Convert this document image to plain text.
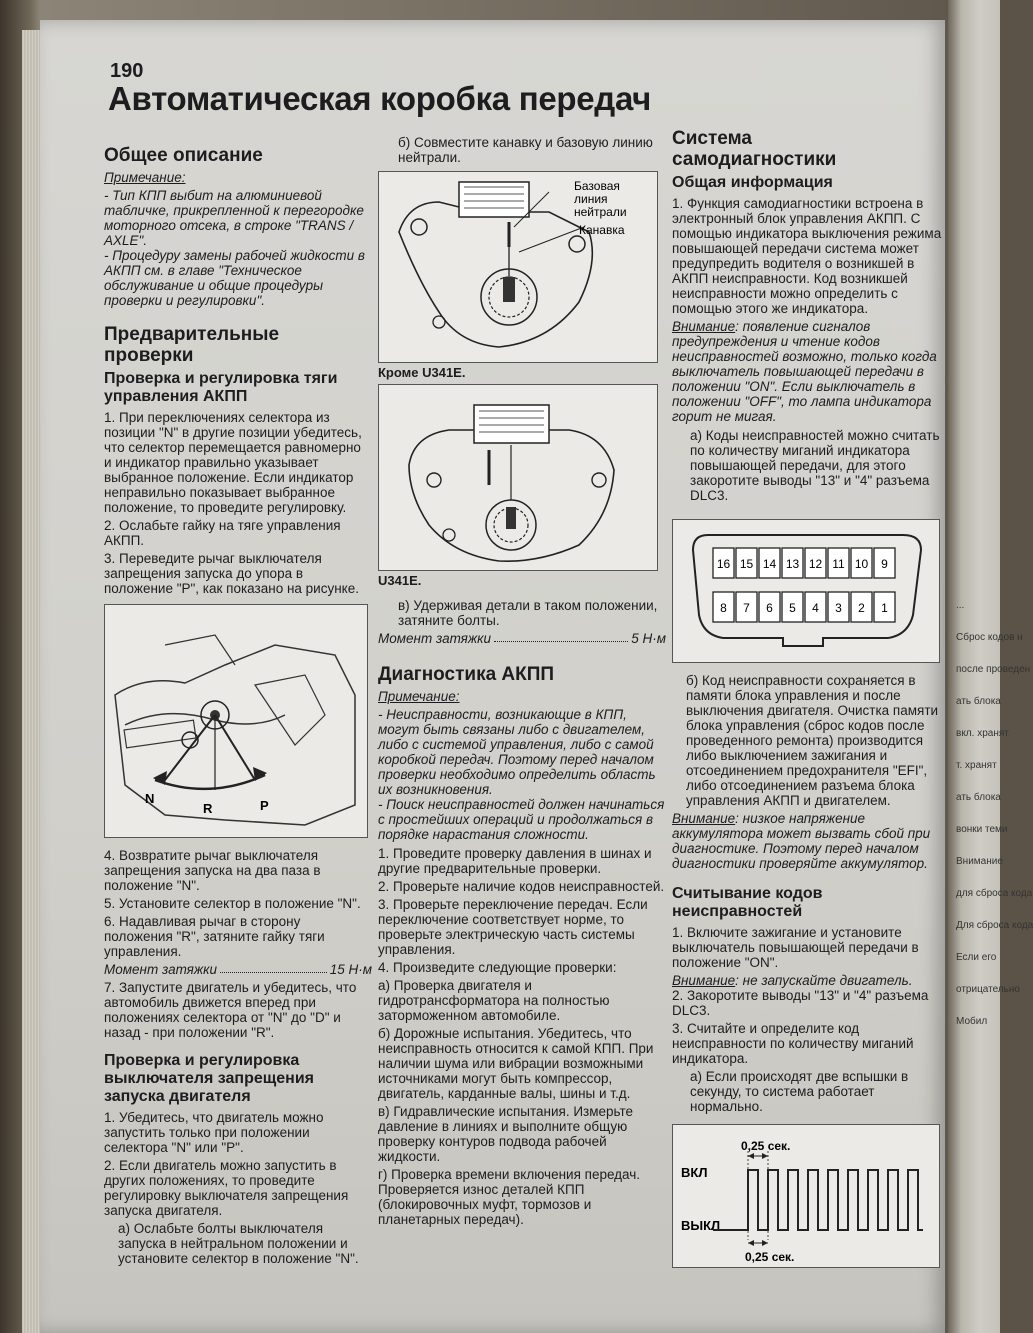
190
Автоматическая коробка передач
Общее описание

Примечание:

- Тип КПП выбит на алюминиевой табличке, прикрепленной к перегородке моторного отсека, в строке "TRANS / AXLE".

- Процедуру замены рабочей жидкости в АКПП см. в главе "Техническое обслуживание и общие процедуры проверки и регулировки".

Предварительные проверки
Проверка и регулировка тяги управления АКПП

1. При переключениях селектора из позиции "N" в другие позиции убедитесь, что селектор перемещается равномерно и индикатор правильно указывает выбранное положение. Если индикатор неправильно показывает выбранное положение, то проведите регулировку.

2. Ослабьте гайку на тяге управления АКПП.

3. Переведите рычаг выключателя запрещения запуска до упора в положение "P", как показано на рисунке.

N
R	P

4. Возвратите рычаг выключателя запрещения запуска на два паза в положение "N".

5. Установите селектор в положение "N".

6. Надавливая рычаг в сторону положения "R", затяните гайку тяги управления.

Момент затяжки	15 Н·м

7. Запустите двигатель и убедитесь, что автомобиль движется вперед при положениях селектора от "N" до "D" и назад - при положении "R".

Проверка и регулировка выключателя запрещения запуска двигателя

1. Убедитесь, что двигатель можно запустить только при положении селектора "N" или "P".

2. Если двигатель можно запустить в других положениях, то проведите регулировку выключателя запрещения запуска двигателя.

а) Ослабьте болты выключателя запуска в нейтральном положении и установите селектор в положение "N".

б) Совместите канавку и базовую линию нейтрали.

Базовая линия нейтрали
Канавка
Кроме U341E.
U341E.

в) Удерживая детали в таком положении, затяните болты.

Момент затяжки	5 Н·м
Диагностика АКПП

Примечание:

- Неисправности, возникающие в КПП, могут быть связаны либо с двигателем, либо с системой управления, либо с самой коробкой передач. Поэтому перед началом проверки необходимо определить область их возникновения.

- Поиск неисправностей должен начинаться с простейших операций и продолжаться в порядке нарастания сложности.

1. Проведите проверку давления в шинах и другие предварительные проверки.

2. Проверьте наличие кодов неисправностей.

3. Проверьте переключение передач. Если переключение соответствует норме, то проверьте электрическую часть системы управления.

4. Произведите следующие проверки:

а) Проверка двигателя и гидротрансформатора на полностью заторможенном автомобиле.

б) Дорожные испытания. Убедитесь, что неисправность относится к самой КПП. При наличии шума или вибрации возможными источниками могут быть компрессор, двигатель, карданные валы, шины и т.д.

в) Гидравлические испытания. Измерьте давление в линиях и выполните общую проверку контуров подвода рабочей жидкости.

г) Проверка времени включения передач. Проверяется износ деталей КПП (блокировочных муфт, тормозов и планетарных передач).

Система самодиагностики
Общая информация

1. Функция самодиагностики встроена в электронный блок управления АКПП. С помощью индикатора выключения режима повышающей передачи система может предупредить водителя о возникшей в АКПП неисправности. Код возникшей неисправности можно определить с помощью этого же индикатора.

Внимание: появление сигналов предупреждения и чтение кодов неисправностей возможно, только когда выключатель повышающей передачи в положении "ON". Если выключатель в положении "OFF", то лампа индикатора горит не мигая.

а) Коды неисправностей можно считать по количеству миганий индикатора повышающей передачи, для этого закоротите выводы "13" и "4" разъема DLC3.

16 15 14 13 12 11 10 9
8 7 6 5 4 3 2 1

б) Код неисправности сохраняется в памяти блока управления и после выключения двигателя. Очистка памяти блока управления (сброс кодов после проведенного ремонта) производится либо выключением зажигания и отсоединением предохранителя "EFI", либо отсоединением разъема блока управления АКПП и двигателем.

Внимание: низкое напряжение аккумулятора может вызвать сбой при диагностике. Поэтому перед началом диагностики проверяйте аккумулятор.

Считывание кодов неисправностей

1. Включите зажигание и установите выключатель повышающей передачи в положение "ON".

Внимание: не запускайте двигатель.

2. Закоротите выводы "13" и "4" разъема DLC3.

3. Считайте и определите код неисправности по количеству миганий индикатора.

а) Если происходят две вспышки в секунду, то система работает нормально.

0,25 сек.
ВКЛ
ВЫКЛ
0,25 сек.
...
Сброс кодов н
после проведен
ать блока
вкл. хранят
т. хранят
ать блока
вонки теми
Внимание
для сброса кода
Для сброса кода
Если его
отрицательно
Мобил
